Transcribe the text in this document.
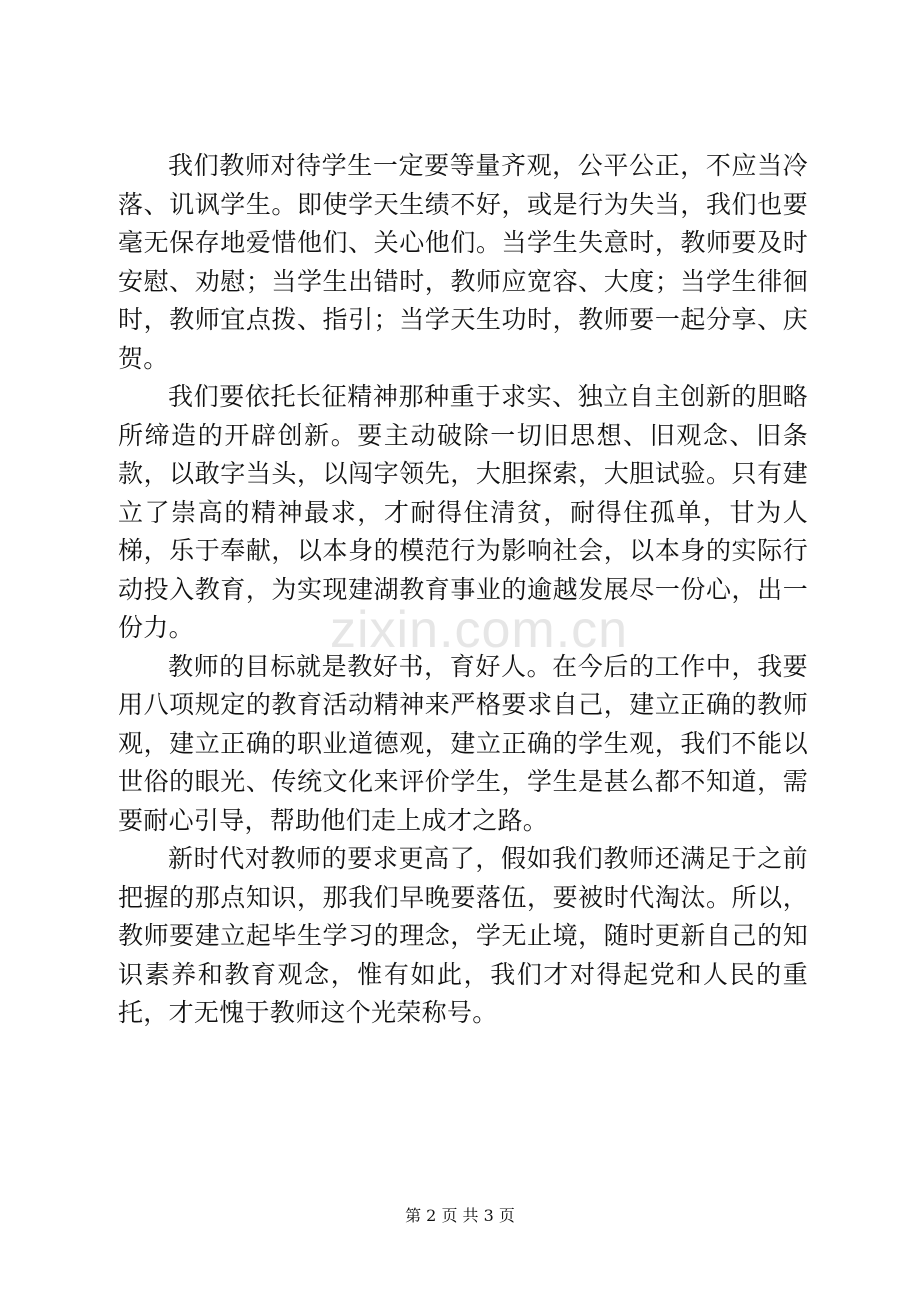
zixin.com.cn

我们教师对待学生一定要等量齐观，公平公正，不应当冷落、讥讽学生。即使学天生绩不好，或是行为失当，我们也要毫无保存地爱惜他们、关心他们。当学生失意时，教师要及时安慰、劝慰；当学生出错时，教师应宽容、大度；当学生徘徊时，教师宜点拨、指引；当学天生功时，教师要一起分享、庆贺。

我们要依托长征精神那种重于求实、独立自主创新的胆略所缔造的开辟创新。要主动破除一切旧思想、旧观念、旧条款，以敢字当头，以闯字领先，大胆探索，大胆试验。只有建立了崇高的精神最求，才耐得住清贫，耐得住孤单，甘为人梯，乐于奉献，以本身的模范行为影响社会，以本身的实际行动投入教育，为实现建湖教育事业的逾越发展尽一份心，出一份力。

教师的目标就是教好书，育好人。在今后的工作中，我要用八项规定的教育活动精神来严格要求自己，建立正确的教师观，建立正确的职业道德观，建立正确的学生观，我们不能以世俗的眼光、传统文化来评价学生，学生是甚么都不知道，需要耐心引导，帮助他们走上成才之路。

新时代对教师的要求更高了，假如我们教师还满足于之前把握的那点知识，那我们早晚要落伍，要被时代淘汰。所以，教师要建立起毕生学习的理念，学无止境，随时更新自己的知识素养和教育观念，惟有如此，我们才对得起党和人民的重托，才无愧于教师这个光荣称号。

第 2 页 共 3 页
